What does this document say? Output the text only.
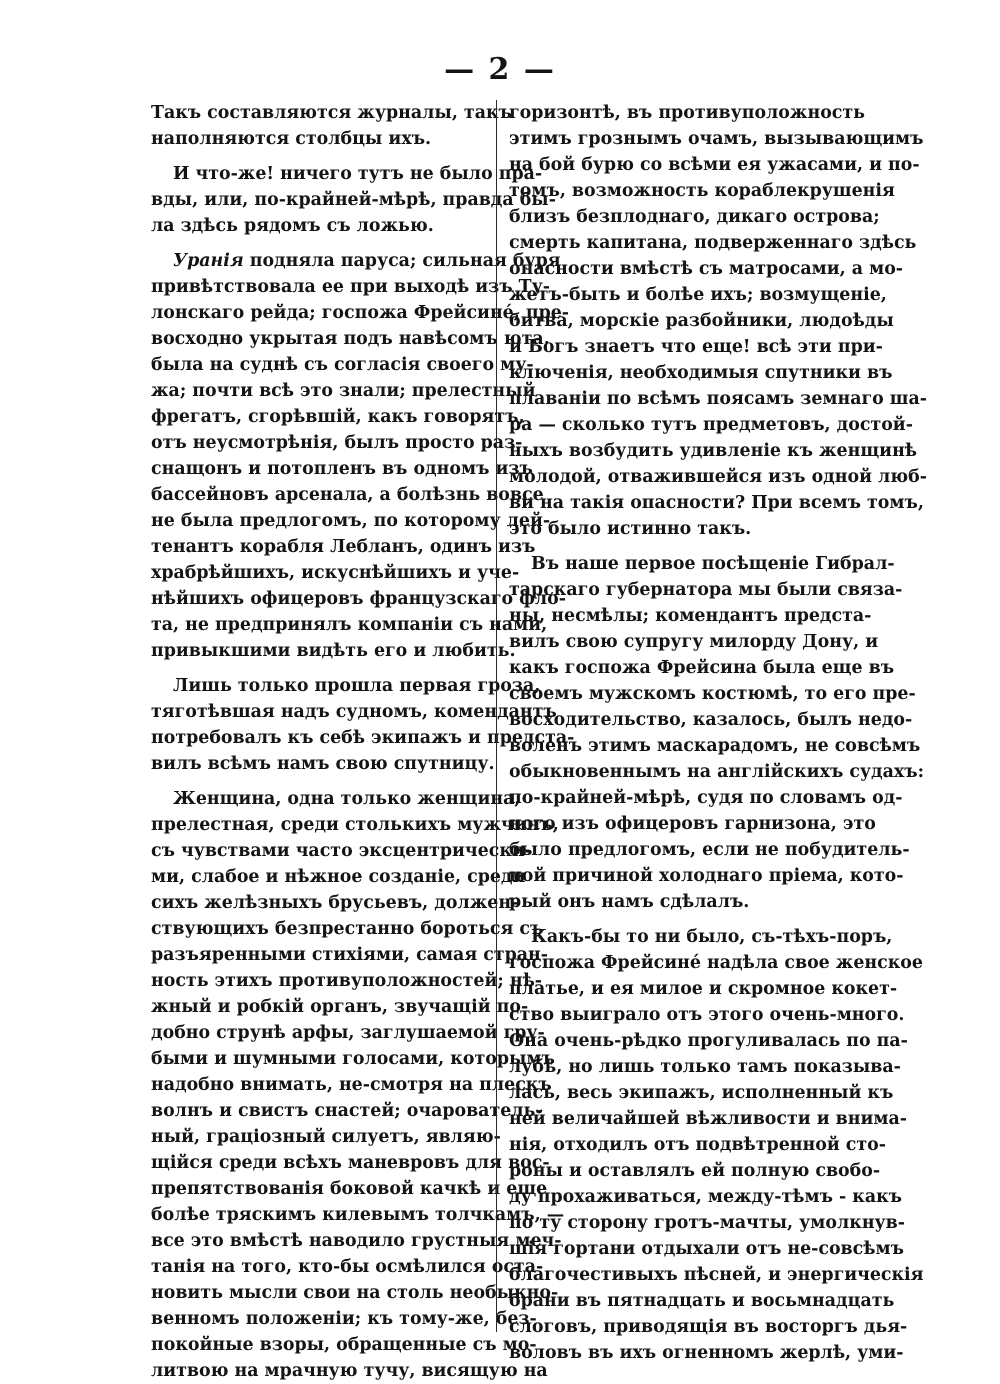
— 2 —
Такъ составляются журналы, такъ
наполняются столбцы ихъ.
И что-же! ничего тутъ не было пра-
вды, или, по-крайней-мѣрѣ, правда бы-
ла здѣсь рядомъ съ ложью.
Уранія подняла паруса; сильная буря
привѣтствовала ее при выходѣ изъ Ту-
лонскаго рейда; госпожа Фрейсине́, пре-
восходно укрытая подъ навѣсомъ юта,
была на суднѣ съ согласія своего му-
жа; почти всѣ это знали; прелестный
фрегатъ, сгорѣвшій, какъ говорятъ,
отъ неусмотрѣнія, былъ просто раз-
снащонъ и потопленъ въ одномъ изъ
бассейновъ арсенала, а болѣзнь вовсе
не была предлогомъ, по которому лей-
тенантъ корабля Лебланъ, одинъ изъ
храбрѣйшихъ, искуснѣйшихъ и уче-
нѣйшихъ офицеровъ французскаго фло-
та, не предпринялъ компаніи съ нами,
привыкшими видѣть его и любить.
Лишь только прошла первая гроза,
тяготѣвшая надъ судномъ, комендантъ
потребовалъ къ себѣ экипажъ и предста-
вилъ всѣмъ намъ свою спутницу.
Женщина, одна только женщина,
прелестная, среди столькихъ мужчинъ,
съ чувствами часто эксцентрически-
ми, слабое и нѣжное созданіе, среди
сихъ желѣзныхъ брусьевъ, должен-
ствующихъ безпрестанно бороться съ
разъяренными стихіями, самая стран-
ность этихъ противуположностей; нѣ-
жный и робкій органъ, звучащій по-
добно струнѣ арфы, заглушаемой гру-
быми и шумными голосами, которымъ
надобно внимать, не-смотря на плескъ
волнъ и свистъ снастей; очарователь-
ный, граціозный силуетъ, являю-
щійся среди всѣхъ маневровъ для вос-
препятствованія боковой качкѣ и еще
болѣе тряскимъ килевымъ толчкамъ, —
все это вмѣстѣ наводило грустныя меч-
танія на того, кто-бы осмѣлился оста-
новить мысли свои на столь необыкно-
венномъ положеніи; къ тому-же, без-
покойные взоры, обращенные съ мо-
литвою на мрачную тучу, висящую на
горизонтѣ, въ противуположность
этимъ грознымъ очамъ, вызывающимъ
на бой бурю со всѣми ея ужасами, и по-
томъ, возможность кораблекрушенія
близъ безплоднаго, дикаго острова;
смерть капитана, подверженнаго здѣсь
опасности вмѣстѣ съ матросами, а мо-
жетъ-быть и болѣе ихъ; возмущеніе,
битва, морскіе разбойники, людоѣды
и Богъ знаетъ что еще! всѣ эти при-
ключенія, необходимыя спутники въ
плаваніи по всѣмъ поясамъ земнаго ша-
ра — сколько тутъ предметовъ, достой-
ныхъ возбудить удивленіе къ женщинѣ
молодой, отважившейся изъ одной люб-
ви на такія опасности? При всемъ томъ,
это было истинно такъ.
Въ наше первое посѣщеніе Гибрал-
тарскаго губернатора мы были связа-
ны, несмѣлы; комендантъ предста-
вилъ свою супругу милорду Дону, и
какъ госпожа Фрейсина была еще въ
своемъ мужскомъ костюмѣ, то его пре-
восходительство, казалось, былъ недо-
воленъ этимъ маскарадомъ, не совсѣмъ
обыкновеннымъ на англійскихъ судахъ:
по-крайней-мѣрѣ, судя по словамъ од-
ного изъ офицеровъ гарнизона, это
было предлогомъ, если не побудитель-
ной причиной холоднаго пріема, кото-
рый онъ намъ сдѣлалъ.
Какъ-бы то ни было, съ-тѣхъ-поръ,
госпожа Фрейсине́ надѣла свое женское
платье, и ея милое и скромное кокет-
ство выиграло отъ этого очень-много.
Она очень-рѣдко прогуливалась по па-
лубѣ, но лишь только тамъ показыва-
лась, весь экипажъ, исполненный къ
ней величайшей вѣжливости и внима-
нія, отходилъ отъ подвѣтренной сто-
роны и оставлялъ ей полную свобо-
ду прохаживаться, между-тѣмъ - какъ
по ту сторону гротъ-мачты, умолкнув-
шія гортани отдыхали отъ не-совсѣмъ
благочестивыхъ пѣсней, и энергическія
брани въ пятнадцать и восьмнадцать
слоговъ, приводящія въ восторгъ дья-
воловъ въ ихъ огненномъ жерлѣ, уми-
